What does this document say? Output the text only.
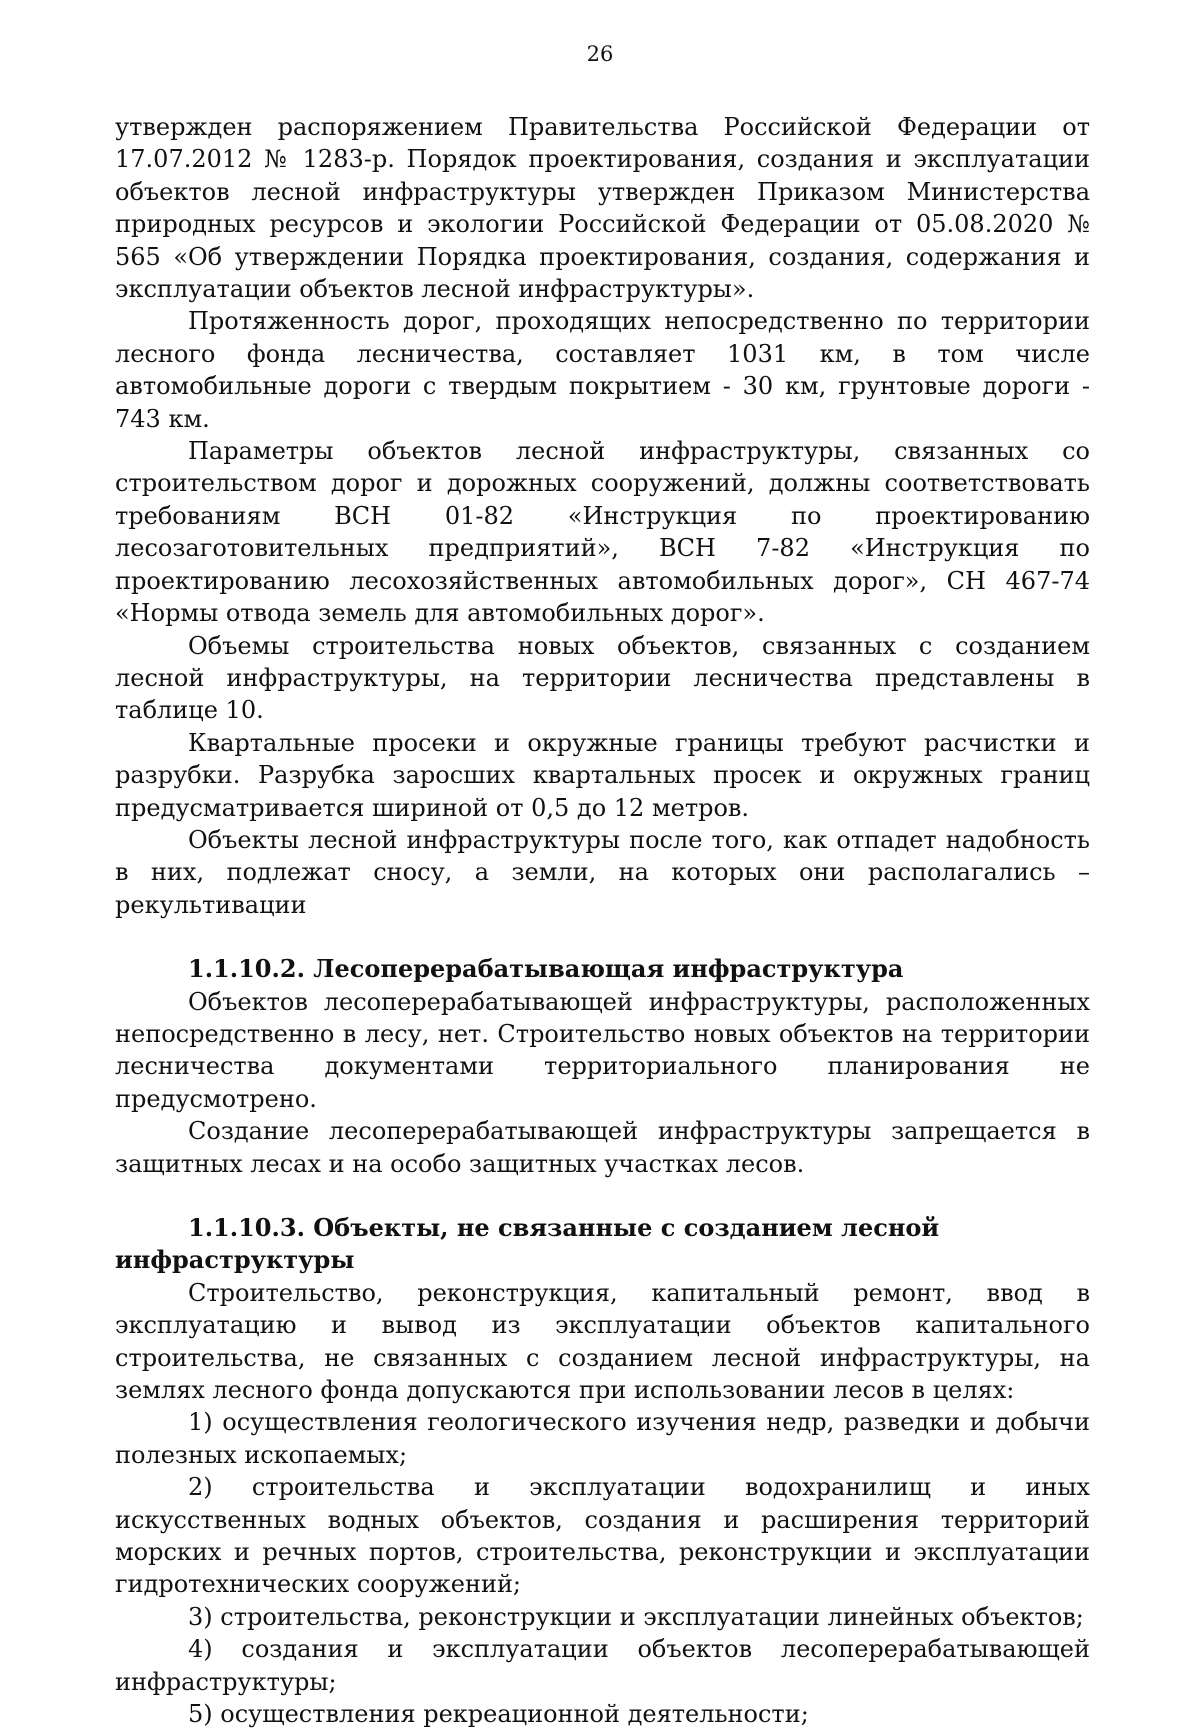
26

утвержден распоряжением Правительства Российской Федерации от 17.07.2012 № 1283-р. Порядок проектирования, создания и эксплуатации объектов лесной инфраструктуры утвержден Приказом Министерства природных ресурсов и экологии Российской Федерации от 05.08.2020 № 565 «Об утверждении Порядка проектирования, создания, содержания и эксплуатации объектов лесной инфраструктуры».

Протяженность дорог, проходящих непосредственно по территории лесного фонда лесничества, составляет 1031 км, в том числе автомобильные дороги с твердым покрытием - 30 км, грунтовые дороги - 743 км.

Параметры объектов лесной инфраструктуры, связанных со строительством дорог и дорожных сооружений, должны соответствовать требованиям ВСН 01-82 «Инструкция по проектированию лесозаготовительных предприятий», ВСН 7-82 «Инструкция по проектированию лесохозяйственных автомобильных дорог», СН 467-74 «Нормы отвода земель для автомобильных дорог».

Объемы строительства новых объектов, связанных с созданием лесной инфраструктуры, на территории лесничества представлены в таблице 10.

Квартальные просеки и окружные границы требуют расчистки и разрубки. Разрубка заросших квартальных просек и окружных границ предусматривается шириной от 0,5 до 12 метров.

Объекты лесной инфраструктуры после того, как отпадет надобность в них, подлежат сносу, а земли, на которых они располагались – рекультивации

1.1.10.2. Лесоперерабатывающая инфраструктура

Объектов лесоперерабатывающей инфраструктуры, расположенных непосредственно в лесу, нет. Строительство новых объектов на территории лесничества документами территориального планирования не предусмотрено.

Создание лесоперерабатывающей инфраструктуры запрещается в защитных лесах и на особо защитных участках лесов.

1.1.10.3. Объекты, не связанные с созданием лесной инфраструктуры

Строительство, реконструкция, капитальный ремонт, ввод в эксплуатацию и вывод из эксплуатации объектов капитального строительства, не связанных с созданием лесной инфраструктуры, на землях лесного фонда допускаются при использовании лесов в целях:

1) осуществления геологического изучения недр, разведки и добычи полезных ископаемых;

2) строительства и эксплуатации водохранилищ и иных искусственных водных объектов, создания и расширения территорий морских и речных портов, строительства, реконструкции и эксплуатации гидротехнических сооружений;

3) строительства, реконструкции и эксплуатации линейных объектов;

4) создания и эксплуатации объектов лесоперерабатывающей инфраструктуры;

5) осуществления рекреационной деятельности;
